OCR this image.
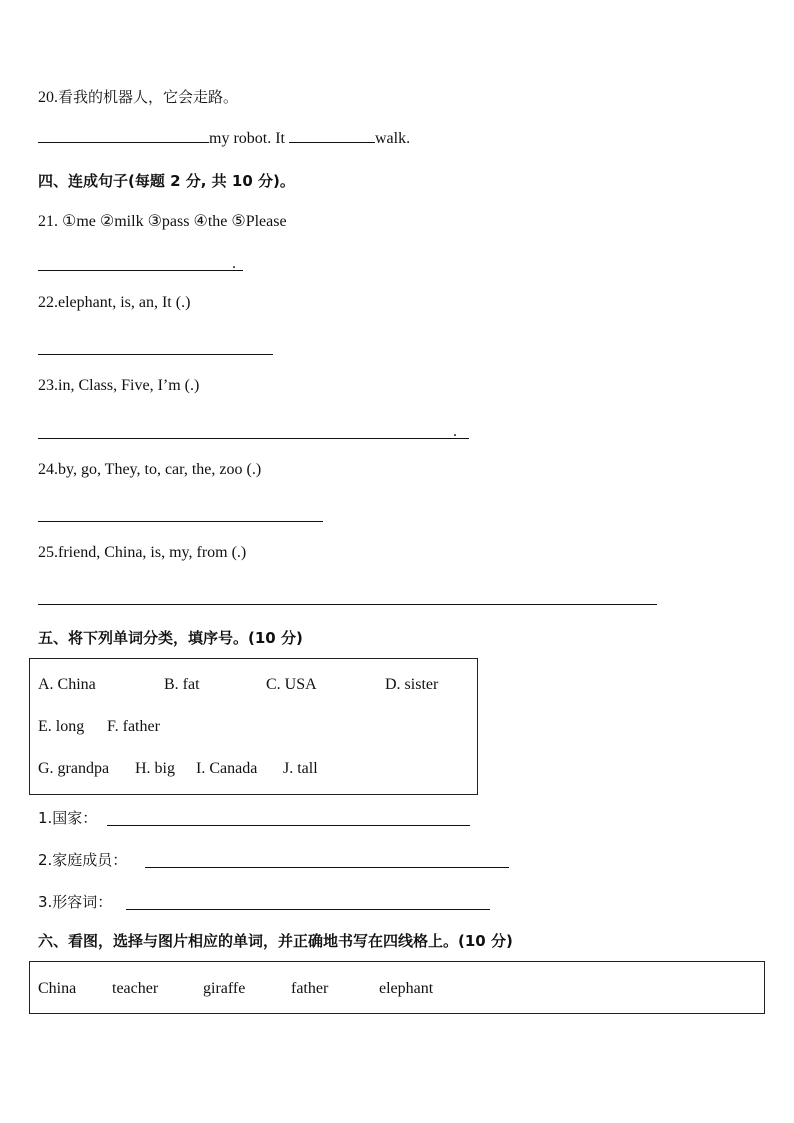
20.看我的机器人，它会走路。
my robot. It	walk.
四、连成句子(每题 2 分, 共 10 分)。
21. ①me ②milk ③pass ④the ⑤Please
.
22.elephant, is, an, It (.)
23.in, Class, Five, I’m (.)
.
24.by, go, They, to, car, the, zoo (.)
25.friend, China, is, my, from (.)
五、将下列单词分类，填序号。(10 分)
A. China	B. fat	C. USA	D. sister
E. long F. father
G. grandpa H. big I. Canada J. tall
1.国家：
2.家庭成员：
3.形容词：
六、看图，选择与图片相应的单词，并正确地书写在四线格上。(10 分)
China teacher	giraffe	father	elephant
